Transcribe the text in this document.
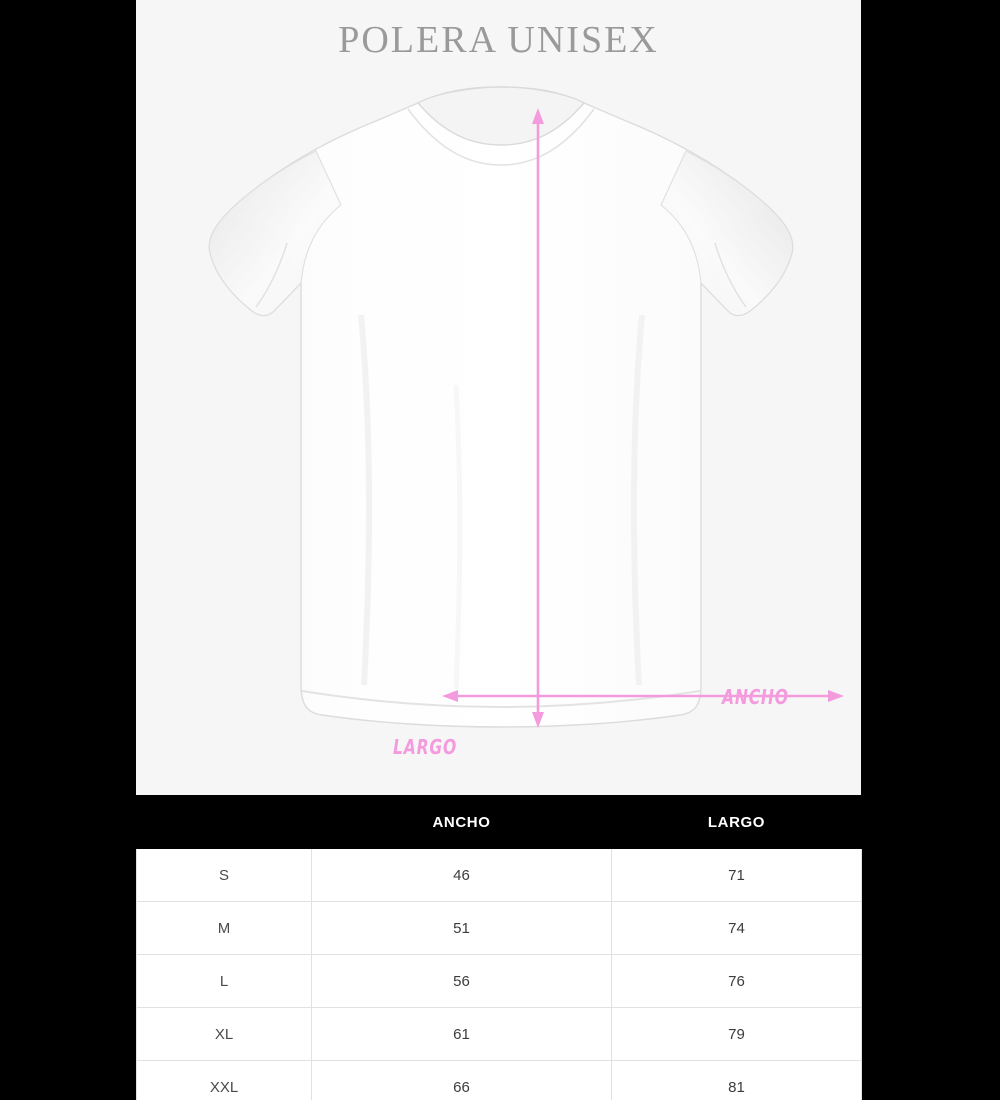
POLERA UNISEX
ANCHO
LARGO
	ANCHO	LARGO
S	46	71
M	51	74
L	56	76
XL	61	79
XXL	66	81
